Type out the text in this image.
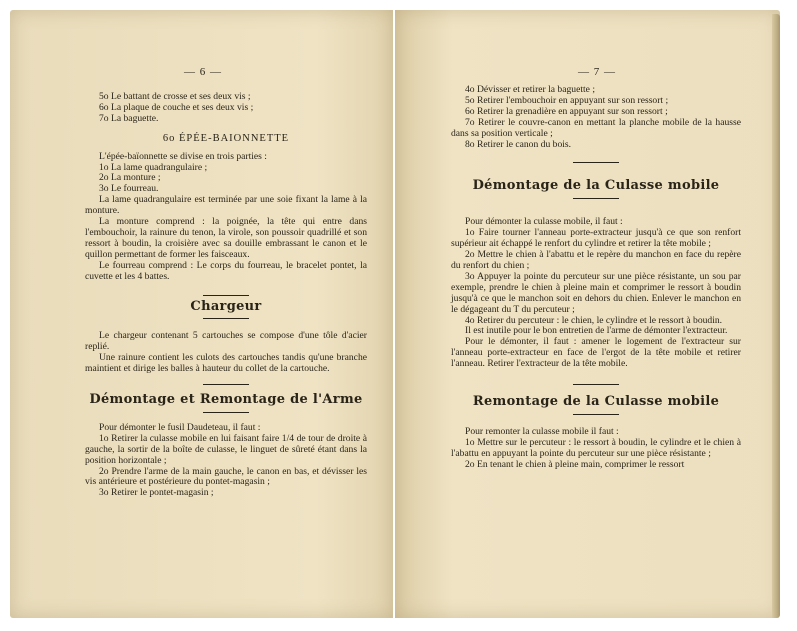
— 6 —

5o Le battant de crosse et ses deux vis ;

6o La plaque de couche et ses deux vis ;

7o La baguette.

6o ÉPÉE-BAIONNETTE

L'épée-baïonnette se divise en trois parties :

1o La lame quadrangulaire ;

2o La monture ;

3o Le fourreau.

La lame quadrangulaire est terminée par une soie fixant la lame à la monture.

La monture comprend : la poignée, la tête qui entre dans l'embouchoir, la rainure du tenon, la virole, son poussoir quadrillé et son ressort à boudin, la croisière avec sa douille embrassant le canon et le quillon permettant de former les faisceaux.

Le fourreau comprend : Le corps du fourreau, le bracelet pontet, la cuvette et les 4 battes.

Chargeur

Le chargeur contenant 5 cartouches se compose d'une tôle d'acier replié.

Une rainure contient les culots des cartouches tandis qu'une branche maintient et dirige les balles à hauteur du collet de la cartouche.

Démontage et Remontage de l'Arme

Pour démonter le fusil Daudeteau, il faut :

1o Retirer la culasse mobile en lui faisant faire 1/4 de tour de droite à gauche, la sortir de la boîte de culasse, le linguet de sûreté étant dans la position horizontale ;

2o Prendre l'arme de la main gauche, le canon en bas, et dévisser les vis antérieure et postérieure du pontet-magasin ;

3o Retirer le pontet-magasin ;

— 7 —

4o Dévisser et retirer la baguette ;

5o Retirer l'embouchoir en appuyant sur son ressort ;

6o Retirer la grenadière en appuyant sur son ressort ;

7o Retirer le couvre-canon en mettant la planche mobile de la hausse dans sa position verticale ;

8o Retirer le canon du bois.

Démontage de la Culasse mobile

Pour démonter la culasse mobile, il faut :

1o Faire tourner l'anneau porte-extracteur jusqu'à ce que son renfort supérieur ait échappé le renfort du cylindre et retirer la tête mobile ;

2o Mettre le chien à l'abattu et le repère du manchon en face du repère du renfort du chien ;

3o Appuyer la pointe du percuteur sur une pièce résistante, un sou par exemple, prendre le chien à pleine main et comprimer le ressort à boudin jusqu'à ce que le manchon soit en dehors du chien. Enlever le manchon en le dégageant du T du percuteur ;

4o Retirer du percuteur : le chien, le cylindre et le ressort à boudin.

Il est inutile pour le bon entretien de l'arme de démonter l'extracteur.

Pour le démonter, il faut : amener le logement de l'extracteur sur l'anneau porte-extracteur en face de l'ergot de la tête mobile et retirer l'anneau. Retirer l'extracteur de la tête mobile.

Remontage de la Culasse mobile

Pour remonter la culasse mobile il faut :

1o Mettre sur le percuteur : le ressort à boudin, le cylindre et le chien à l'abattu en appuyant la pointe du percuteur sur une pièce résistante ;

2o En tenant le chien à pleine main, comprimer le ressort
